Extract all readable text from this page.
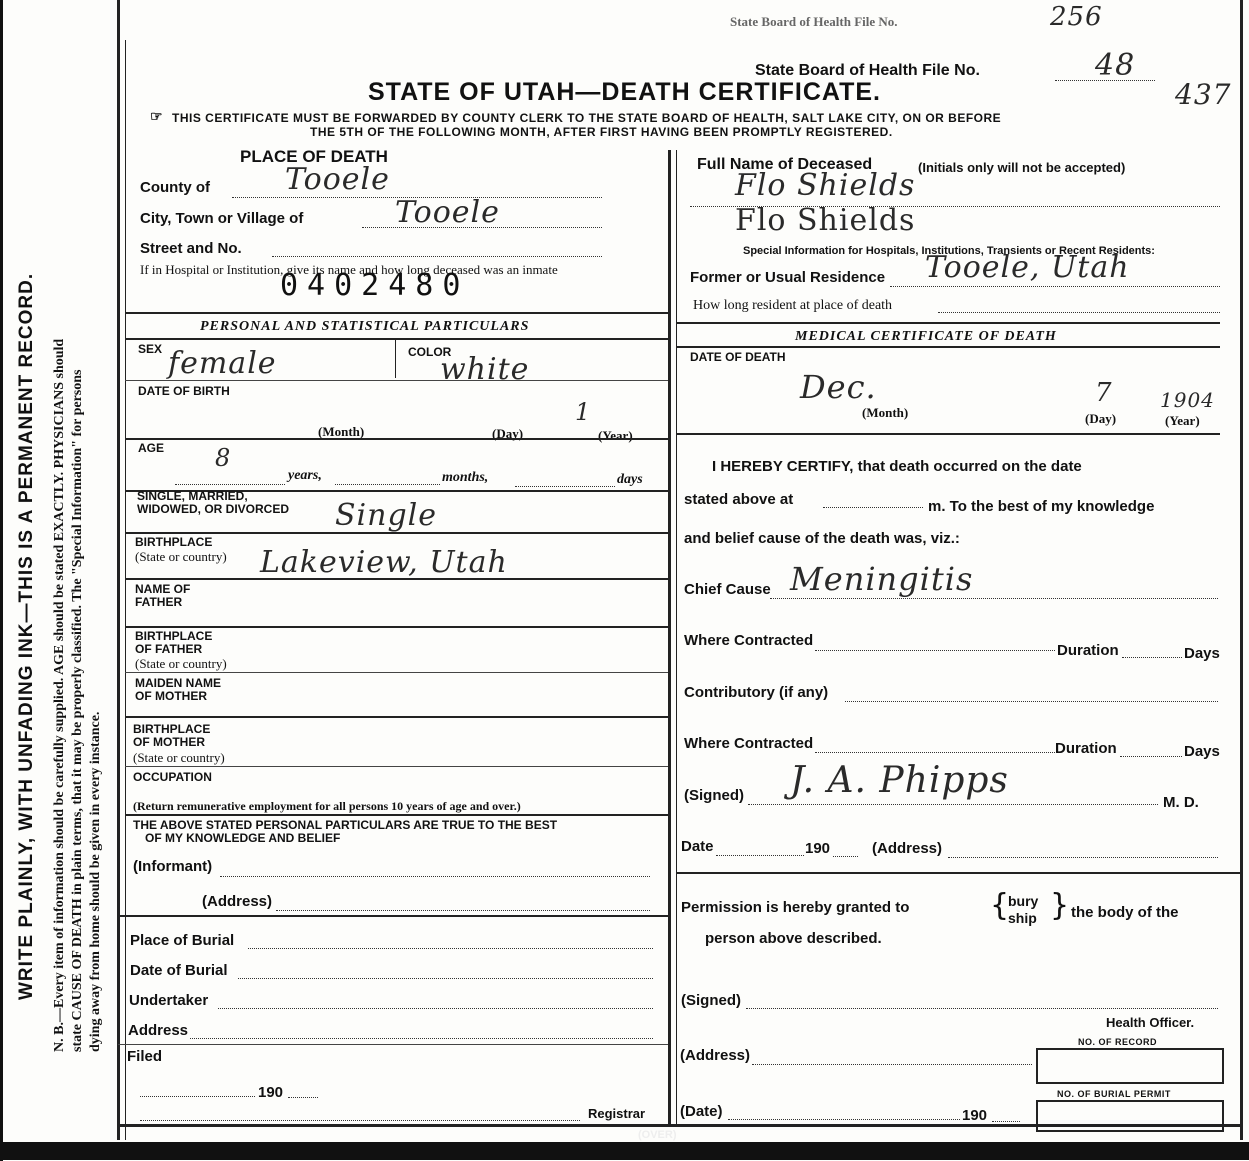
WRITE PLAINLY, WITH UNFADING INK—THIS IS A PERMANENT RECORD. N. B.—Every item of information should be carefully supplied. AGE should be stated EXACTLY. PHYSICIANS should state CAUSE OF DEATH in plain terms, that it may be properly classified. The "Special Information" for persons dying away from home should be given in every instance.
State Board of Health File No.	256
State Board of Health File No.	48
437
STATE OF UTAH—DEATH CERTIFICATE.
☞ THIS CERTIFICATE MUST BE FORWARDED BY COUNTY CLERK TO THE STATE BOARD OF HEALTH, SALT LAKE CITY, ON OR BEFORE
THE 5TH OF THE FOLLOWING MONTH, AFTER FIRST HAVING BEEN PROMPTLY REGISTERED.
PLACE OF DEATH
County of	Tooele
City, Town or Village of	Tooele
Street and No.
If in Hospital or Institution, give its name and how long deceased was an inmate
0402480
Full Name of Deceased	(Initials only will not be accepted)
Flo Shields
Flo Shields
Special Information for Hospitals, Institutions, Transients or Recent Residents:
Former or Usual Residence Tooele, Utah
How long resident at place of death
PERSONAL AND STATISTICAL PARTICULARS
SEX female	COLOR
white
DATE OF BIRTH
1
(Month)	(Day)	(Year)
AGE 8
years,	months,	days
SINGLE, MARRIED,
WIDOWED, OR DIVORCED Single
BIRTHPLACE
(State or country) Lakeview, Utah
NAME OF
FATHER
BIRTHPLACE
OF FATHER
(State or country)
MAIDEN NAME
OF MOTHER
BIRTHPLACE
OF MOTHER
(State or country)
OCCUPATION
(Return remunerative employment for all persons 10 years of age and over.)
THE ABOVE STATED PERSONAL PARTICULARS ARE TRUE TO THE BEST
OF MY KNOWLEDGE AND BELIEF
(Informant)
(Address)
MEDICAL CERTIFICATE OF DEATH
DATE OF DEATH
Dec.	7 1904
(Month)	(Day)	(Year)
I HEREBY CERTIFY, that death occurred on the date
stated above at	m. To the best of my knowledge
and belief cause of the death was, viz.:
Chief Cause Meningitis
Where Contracted
Duration	Days
Contributory (if any)
Where Contracted	Duration	Days
(Signed) J. A. Phipps
M. D.
Date	190	(Address)
Place of Burial
Date of Burial
Undertaker
Address
Filed
190
Registrar
Permission is hereby granted to	{
bury
ship } the body of the
person above described.
(Signed)
Health Officer.
NO. OF RECORD
(Address)
NO. OF BURIAL PERMIT
(Date)	190
(OVER)
